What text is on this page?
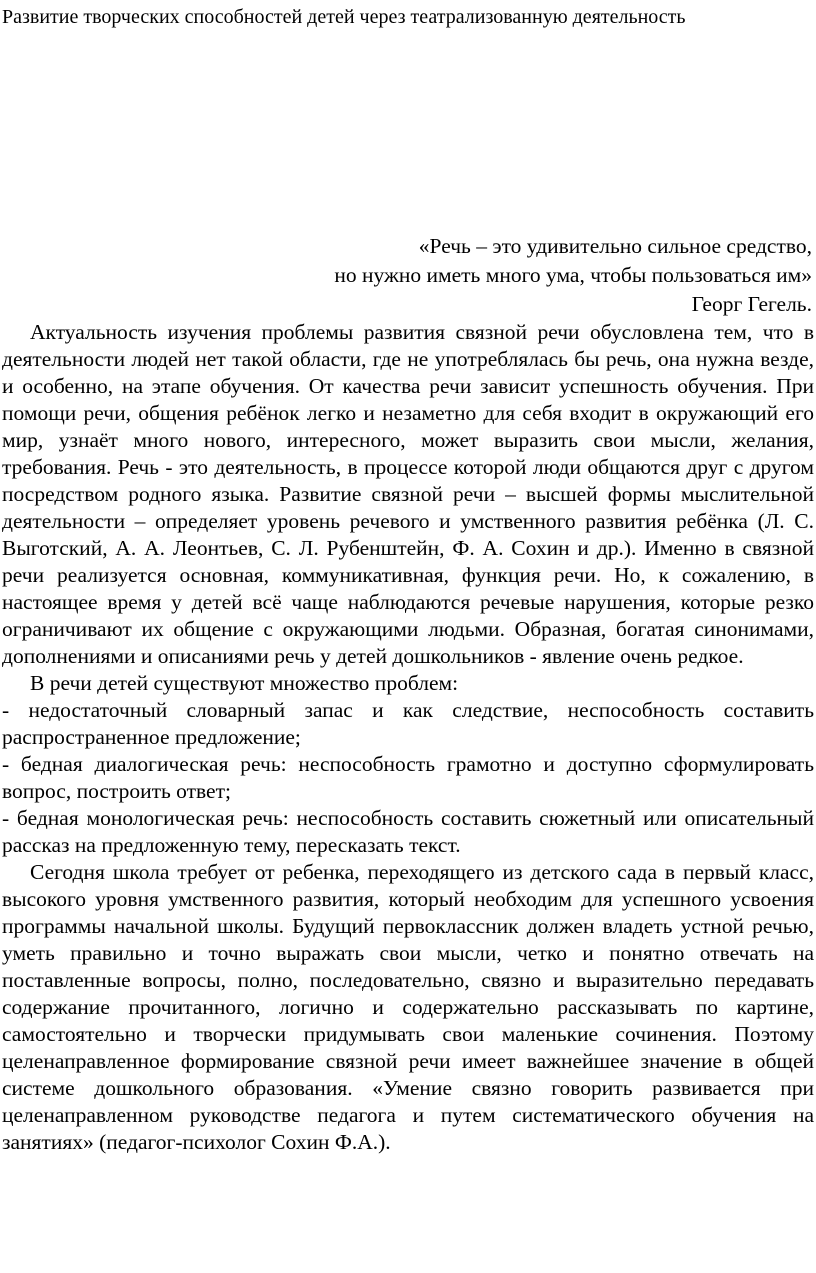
Развитие творческих способностей детей через театрализованную деятельность
«Речь – это удивительно сильное средство,
но нужно иметь много ума, чтобы пользоваться им»
Георг Гегель.

Актуальность изучения проблемы развития связной речи обусловлена тем, что в деятельности людей нет такой области, где не употреблялась бы речь, она нужна везде, и особенно, на этапе обучения. От качества речи зависит успешность обучения. При помощи речи, общения ребёнок легко и незаметно для себя входит в окружающий его мир, узнаёт много нового, интересного, может выразить свои мысли, желания, требования. Речь - это деятельность, в процессе которой люди общаются друг с другом посредством родного языка. Развитие связной речи – высшей формы мыслительной деятельности – определяет уровень речевого и умственного развития ребёнка (Л. С. Выготский, А. А. Леонтьев, С. Л. Рубенштейн, Ф. А. Сохин и др.). Именно в связной речи реализуется основная, коммуникативная, функция речи. Но, к сожалению, в настоящее время у детей всё чаще наблюдаются речевые нарушения, которые резко ограничивают их общение с окружающими людьми. Образная, богатая синонимами, дополнениями и описаниями речь у детей дошкольников - явление очень редкое.

В речи детей существуют множество проблем:

- недостаточный словарный запас и как следствие, неспособность составить распространенное предложение;

- бедная диалогическая речь: неспособность грамотно и доступно сформулировать вопрос, построить ответ;

- бедная монологическая речь: неспособность составить сюжетный или описательный рассказ на предложенную тему, пересказать текст.

Сегодня школа требует от ребенка, переходящего из детского сада в первый класс, высокого уровня умственного развития, который необходим для успешного усвоения программы начальной школы. Будущий первоклассник должен владеть устной речью, уметь правильно и точно выражать свои мысли, четко и понятно отвечать на поставленные вопросы, полно, последовательно, связно и выразительно передавать содержание прочитанного, логично и содержательно рассказывать по картине, самостоятельно и творчески придумывать свои маленькие сочинения. Поэтому целенаправленное формирование связной речи имеет важнейшее значение в общей системе дошкольного образования. «Умение связно говорить развивается при целенаправленном руководстве педагога и путем систематического обучения на занятиях» (педагог-психолог Сохин Ф.А.).
